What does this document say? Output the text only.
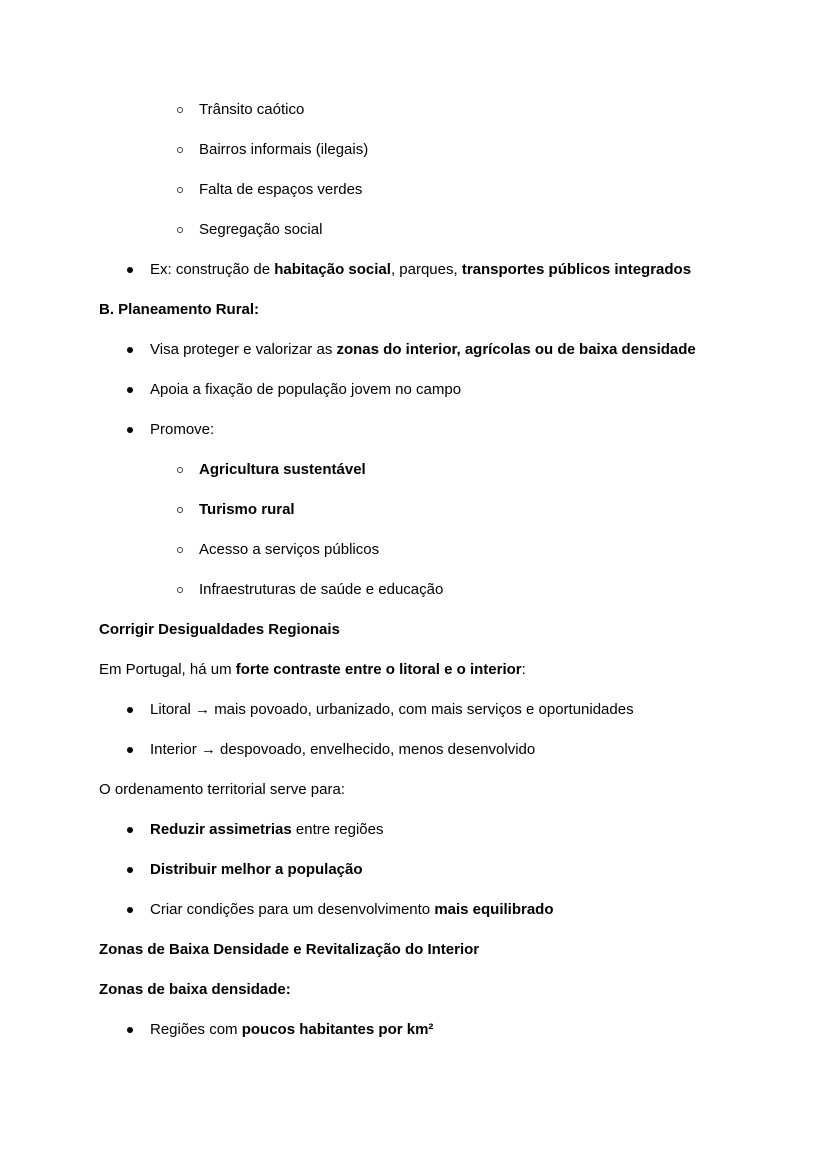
Trânsito caótico
Bairros informais (ilegais)
Falta de espaços verdes
Segregação social
Ex: construção de habitação social, parques, transportes públicos integrados
B. Planeamento Rural:
Visa proteger e valorizar as zonas do interior, agrícolas ou de baixa densidade
Apoia a fixação de população jovem no campo
Promove:
Agricultura sustentável
Turismo rural
Acesso a serviços públicos
Infraestruturas de saúde e educação
Corrigir Desigualdades Regionais
Em Portugal, há um forte contraste entre o litoral e o interior:
Litoral → mais povoado, urbanizado, com mais serviços e oportunidades
Interior → despovoado, envelhecido, menos desenvolvido
O ordenamento territorial serve para:
Reduzir assimetrias entre regiões
Distribuir melhor a população
Criar condições para um desenvolvimento mais equilibrado
Zonas de Baixa Densidade e Revitalização do Interior
Zonas de baixa densidade:
Regiões com poucos habitantes por km²
